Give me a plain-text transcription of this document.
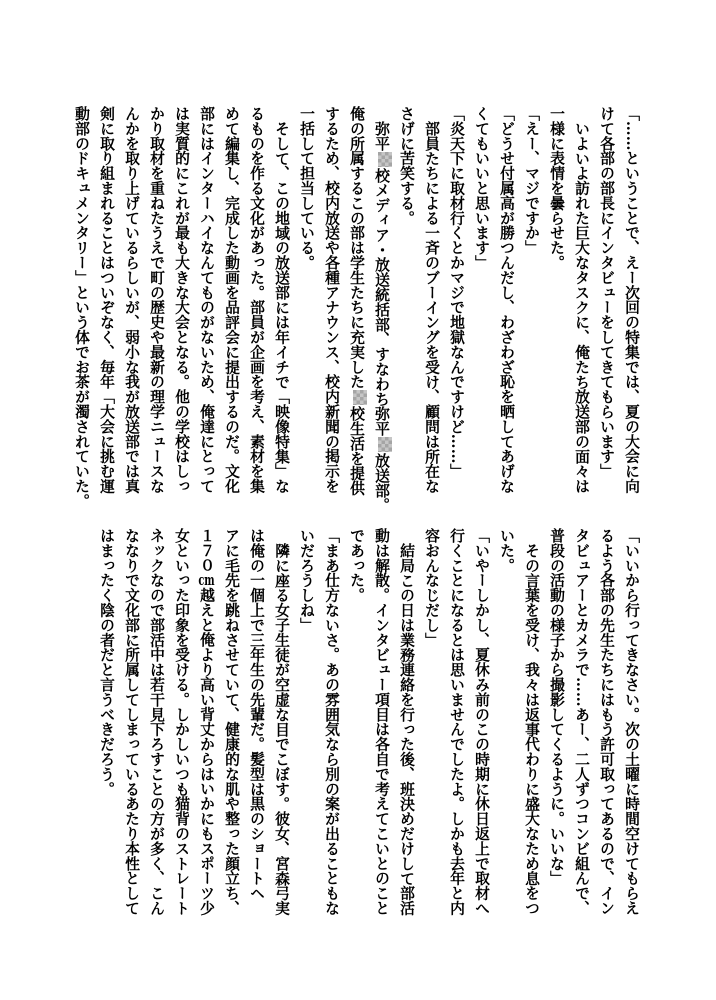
「……ということで、えー次回の特集では、夏の大会に向
けて各部の部長にインタビューをしてきてもらいます」
いよいよ訪れた巨大なタスクに、俺たち放送部の面々は
一様に表情を曇らせた。
「えー、マジですか」
「どうせ付属高が勝つんだし、わざわざ恥を晒してあげな
くてもいいと思います」
「炎天下に取材行くとかマジで地獄なんですけど……」
部員たちによる一斉のブーイングを受け、顧問は所在な
さげに苦笑する。
弥平校メディア・放送統括部、すなわち弥平放送部。
俺の所属するこの部は学生たちに充実した校生活を提供
するため、校内放送や各種アナウンス、校内新聞の掲示を
一括して担当している。
そして、この地域の放送部には年イチで「映像特集」な
るものを作る文化があった。部員が企画を考え、素材を集
めて編集し、完成した動画を品評会に提出するのだ。文化
部にはインターハイなんてものがないため、俺達にとって
は実質的にこれが最も大きな大会となる。他の学校はしっ
かり取材を重ねたうえで町の歴史や最新の理学ニュースな
んかを取り上げているらしいが、弱小な我が放送部では真
剣に取り組まれることはついぞなく、毎年「大会に挑む運
動部のドキュメンタリー」という体でお茶が濁されていた。
「いいから行ってきなさい。次の土曜に時間空けてもらえ
るよう各部の先生たちにはもう許可取ってあるので、イン
タビュアーとカメラで……あー、二人ずつコンビ組んで、
普段の活動の様子から撮影してくるように。いいな」
その言葉を受け、我々は返事代わりに盛大なため息をつ
いた。
「いやーしかし、夏休み前のこの時期に休日返上で取材へ
行くことになるとは思いませんでしたよ。しかも去年と内
容おんなじだし」
結局この日は業務連絡を行った後、班決めだけして部活
動は解散。インタビュー項目は各自で考えてこいとのこと
であった。
「まあ仕方ないさ。あの雰囲気なら別の案が出ることもな
いだろうしね」
隣に座る女子生徒が空虚な目でこぼす。彼女、宮森弓実
は俺の一個上で三年生の先輩だ。髪型は黒のショートヘ
アに毛先を跳ねさせていて、健康的な肌や整った顔立ち、
１７０cm越えと俺より高い背丈からはいかにもスポーツ少
女といった印象を受ける。しかしいつも猫背のストレート
ネックなので部活中は若干見下ろすことの方が多く、こん
ななりで文化部に所属してしまっているあたり本性として
はまったく陰の者だと言うべきだろう。
